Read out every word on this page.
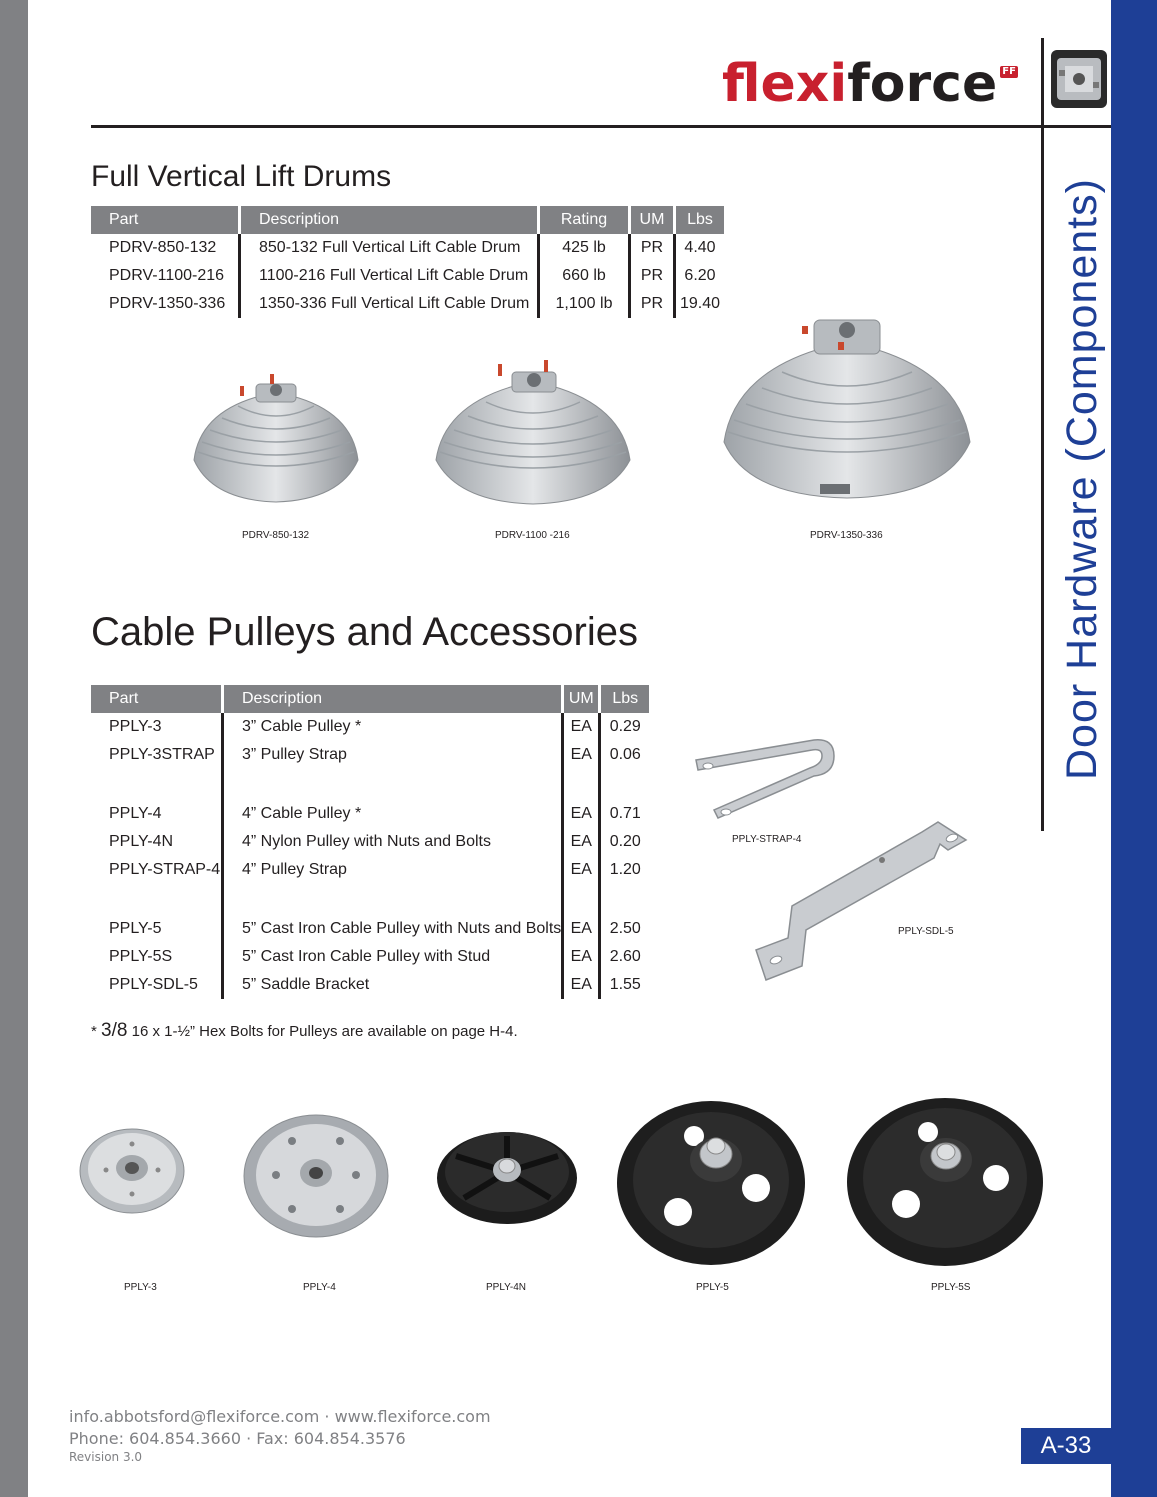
flexiforce FF
Door Hardware (Components)
Full Vertical Lift Drums
Part	Description	Rating	UM	Lbs
PDRV-850-132	850-132 Full Vertical Lift Cable Drum	425 lb	PR	4.40
PDRV-1100-216	1100-216 Full Vertical Lift Cable Drum	660 lb	PR	6.20
PDRV-1350-336	1350-336 Full Vertical Lift Cable Drum	1,100 lb	PR	19.40
PDRV-850-132	PDRV-1100 -216	PDRV-1350-336
Cable Pulleys and Accessories
Part	Description	UM	Lbs
PPLY-3	3” Cable Pulley *	EA	0.29
PPLY-3STRAP	3” Pulley Strap	EA	0.06

PPLY-4	4” Cable Pulley *	EA	0.71
PPLY-4N	4” Nylon Pulley with Nuts and Bolts	EA	0.20
PPLY-STRAP-4	4” Pulley Strap	EA	1.20

PPLY-5	5” Cast Iron Cable Pulley with Nuts and Bolts	EA	2.50
PPLY-5S	5” Cast Iron Cable Pulley with Stud	EA	2.60
PPLY-SDL-5	5” Saddle Bracket	EA	1.55
PPLY-STRAP-4
PPLY-SDL-5
* 3/8 16 x 1-½” Hex Bolts for Pulleys are available on page H-4.
PPLY-3	PPLY-4	PPLY-4N	PPLY-5	PPLY-5S
info.abbotsford@flexiforce.com · www.flexiforce.com
Phone: 604.854.3660 · Fax: 604.854.3576
Revision 3.0	A-33
